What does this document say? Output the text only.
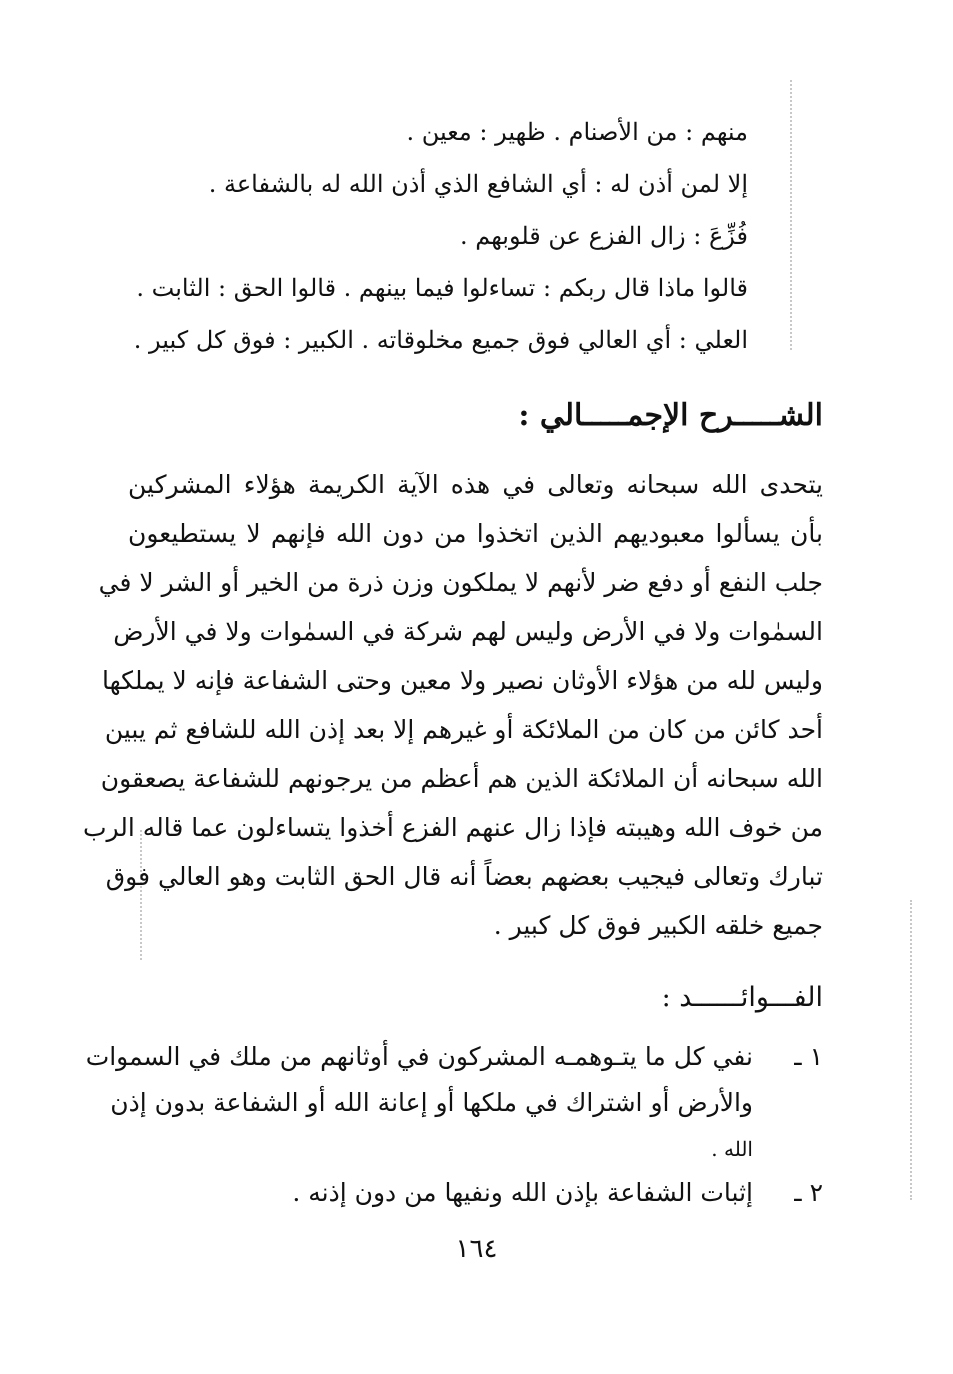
منهم : من الأصنام . ظهير : معين .
إلا لمن أذن له : أي الشافع الذي أذن الله له بالشفاعة .
فُزِّعَ : زال الفزع عن قلوبهم .
قالوا ماذا قال ربكم : تساءلوا فيما بينهم . قالوا الحق : الثابت .
العلي : أي العالي فوق جميع مخلوقاته . الكبير : فوق كل كبير .
الشـــــرح الإجمـــــالي :
يتحدى الله سبحانه وتعالى في هذه الآية الكريمة هؤلاء المشركين
بأن يسألوا معبوديهم الذين اتخذوا من دون الله فإنهم لا يستطيعون
جلب النفع أو دفع ضر لأنهم لا يملكون وزن ذرة من الخير أو الشر لا في
السمٰوات ولا في الأرض وليس لهم شركة في السمٰوات ولا في الأرض
وليس لله من هؤلاء الأوثان نصير ولا معين وحتى الشفاعة فإنه لا يملكها
أحد كائن من كان من الملائكة أو غيرهم إلا بعد إذن الله للشافع ثم يبين
الله سبحانه أن الملائكة الذين هم أعظم من يرجونهم للشفاعة يصعقون
من خوف الله وهيبته فإذا زال عنهم الفزع أخذوا يتساءلون عما قاله الرب
تبارك وتعالى فيجيب بعضهم بعضاً أنه قال الحق الثابت وهو العالي فوق
جميع خلقه الكبير فوق كل كبير .
الفـــوائــــــد :
١ ـ
نفي كل ما يتـوهمـه المشركون في أوثانهم من ملك في السموات
والأرض أو اشتراك في ملكها أو إعانة الله أو الشفاعة بدون إذن
الله .
٢ ـ
إثبات الشفاعة بإذن الله ونفيها من دون إذنه .
١٦٤
